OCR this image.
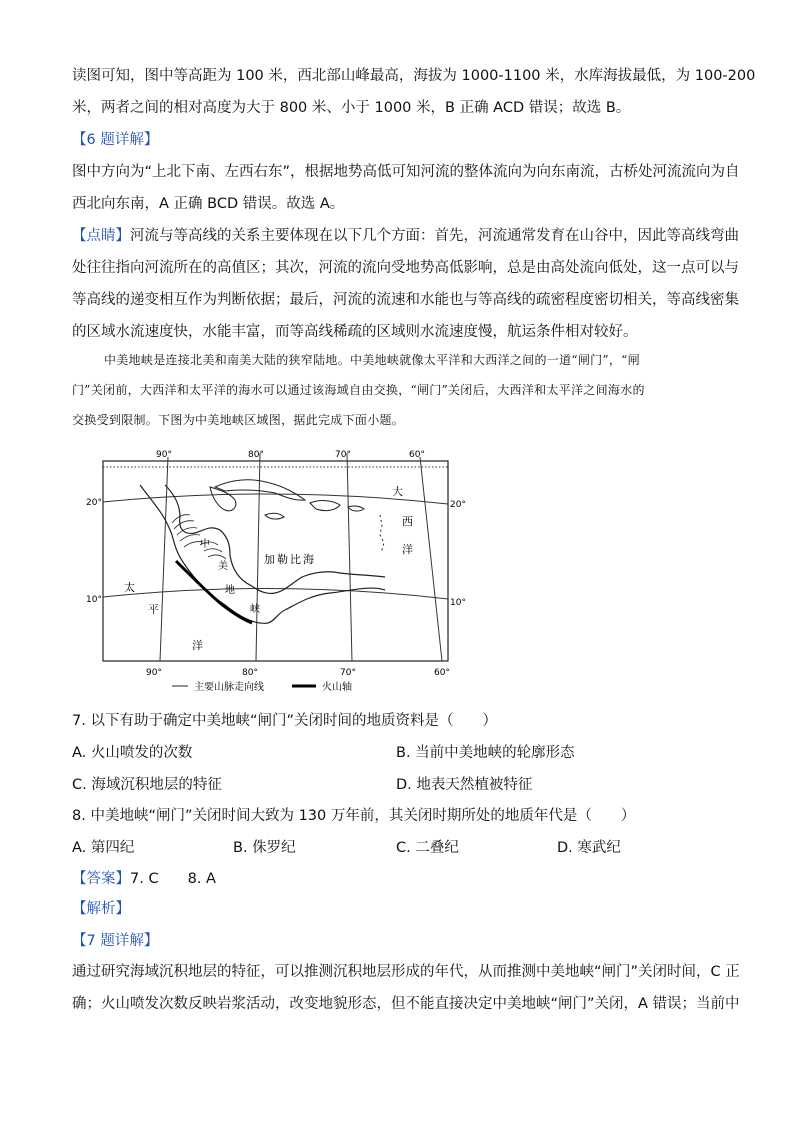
读图可知，图中等高距为 100 米，西北部山峰最高，海拔为 1000-1100 米，水库海拔最低，为 100-200
米，两者之间的相对高度为大于 800 米、小于 1000 米，B 正确 ACD 错误；故选 B。
【6 题详解】
图中方向为“上北下南、左西右东”，根据地势高低可知河流的整体流向为向东南流，古桥处河流流向为自
西北向东南，A 正确 BCD 错误。故选 A。
【点睛】河流与等高线的关系主要体现在以下几个方面：首先，河流通常发育在山谷中，因此等高线弯曲
处往往指向河流所在的高值区；其次，河流的流向受地势高低影响，总是由高处流向低处，这一点可以与
等高线的递变相互作为判断依据；最后，河流的流速和水能也与等高线的疏密程度密切相关，等高线密集
的区域水流速度快，水能丰富，而等高线稀疏的区域则水流速度慢，航运条件相对较好。
中美地峡是连接北美和南美大陆的狭窄陆地。中美地峡就像太平洋和大西洋之间的一道“闸门”，“闸
门”关闭前，大西洋和太平洋的海水可以通过该海域自由交换，“闸门”关闭后，大西洋和太平洋之间海水的
交换受到限制。下图为中美地峡区域图，据此完成下面小题。
90°	80°	70°	60°
90°	80°	70°	60°
20°
10°
20°
10°
大
西
洋
太
平
洋
中
美
地
峡
加勒比海
主要山脉走向线	火山轴
7. 以下有助于确定中美地峡“闸门”关闭时间的地质资料是（　　）
A. 火山喷发的次数	B. 当前中美地峡的轮廓形态
C. 海域沉积地层的特征	D. 地表天然植被特征
8. 中美地峡“闸门”关闭时间大致为 130 万年前，其关闭时期所处的地质年代是（　　）
A. 第四纪	B. 侏罗纪	C. 二叠纪	D. 寒武纪
【答案】7. C　　8. A
【解析】
【7 题详解】
通过研究海域沉积地层的特征，可以推测沉积地层形成的年代，从而推测中美地峡“闸门”关闭时间，C 正
确；火山喷发次数反映岩浆活动，改变地貌形态，但不能直接决定中美地峡“闸门”关闭，A 错误；当前中
